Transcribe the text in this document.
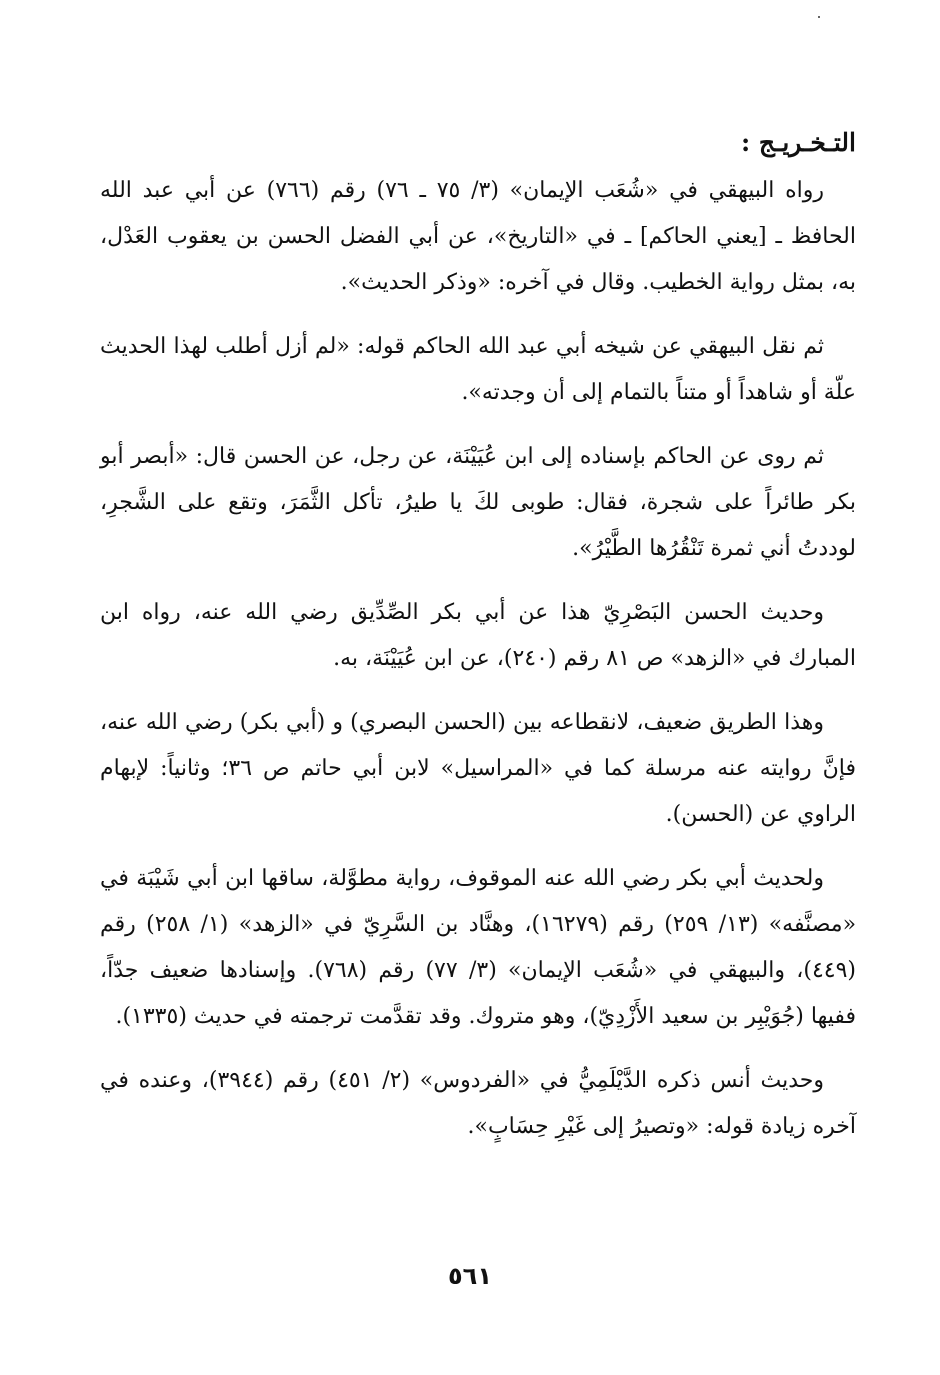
التـخـريـج :

رواه البيهقي في «شُعَب الإيمان» (٣/ ٧٥ ـ ٧٦) رقم (٧٦٦) عن أبي عبد الله الحافظ ـ [يعني الحاكم] ـ في «التاريخ»، عن أبي الفضل الحسن بن يعقوب العَدْل، به، بمثل رواية الخطيب. وقال في آخره: «وذكر الحديث».

ثم نقل البيهقي عن شيخه أبي عبد الله الحاكم قوله: «لم أزل أطلب لهذا الحديث علّة أو شاهداً أو متناً بالتمام إلى أن وجدته».

ثم روى عن الحاكم بإسناده إلى ابن عُيَيْنَة، عن رجل، عن الحسن قال: «أبصر أبو بكر طائراً على شجرة، فقال: طوبى لكَ يا طيرُ، تأكل الثَّمَرَ، وتقع على الشَّجرِ، لوددتُ أني ثمرة تَنْقُرُها الطَّيْرُ».

وحديث الحسن البَصْرِيّ هذا عن أبي بكر الصِّدِّيق رضي الله عنه، رواه ابن المبارك في «الزهد» ص ٨١ رقم (٢٤٠)، عن ابن عُيَيْنَة، به.

وهذا الطريق ضعيف، لانقطاعه بين (الحسن البصري) و (أبي بكر) رضي الله عنه، فإنَّ روايته عنه مرسلة كما في «المراسيل» لابن أبي حاتم ص ٣٦؛ وثانياً: لإبهام الراوي عن (الحسن).

ولحديث أبي بكر رضي الله عنه الموقوف، رواية مطوَّلة، ساقها ابن أبي شَيْبَة في «مصنَّفه» (١٣/ ٢٥٩) رقم (١٦٢٧٩)، وهنَّاد بن السَّرِيّ في «الزهد» (١/ ٢٥٨) رقم (٤٤٩)، والبيهقي في «شُعَب الإيمان» (٣/ ٧٧) رقم (٧٦٨). وإسنادها ضعيف جدّاً، ففيها (جُوَيْبِر بن سعيد الأَزْدِيّ)، وهو متروك. وقد تقدَّمت ترجمته في حديث (١٣٣٥).

وحديث أنس ذكره الدَّيْلَمِيُّ في «الفردوس» (٢/ ٤٥١) رقم (٣٩٤٤)، وعنده في آخره زيادة قوله: «وتصيرُ إلى غَيْرِ حِسَابٍ».

٥٦١
